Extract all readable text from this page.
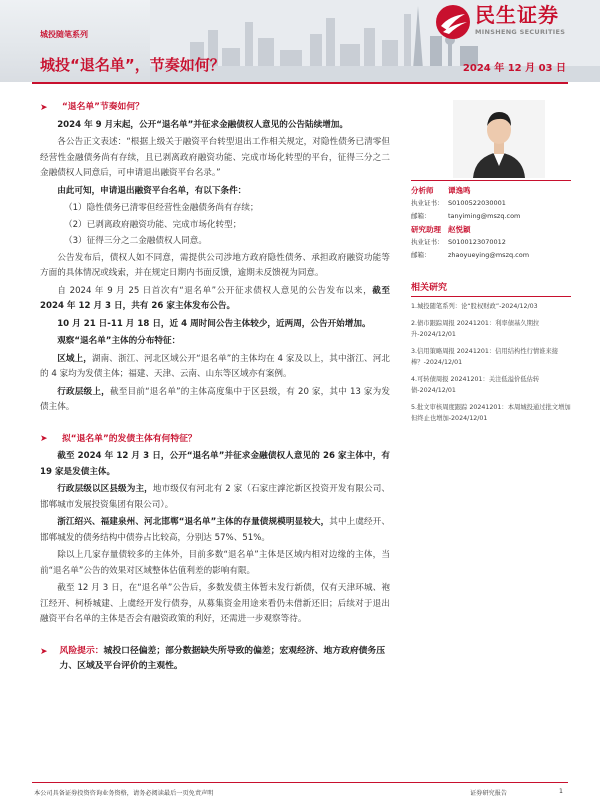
民生证券
MINSHENG SECURITIES
城投随笔系列
城投“退名单”，节奏如何？	2024 年 12 月 03 日
➤ “退名单”节奏如何？

2024 年 9 月末起，公开“退名单”并征求金融债权人意见的公告陆续增加。

各公告正文表述：“根据上级关于融资平台转型退出工作相关规定，对隐性债务已清零但经营性金融债务尚有存续，且已剥离政府融资功能、完成市场化转型的平台，征得三分之二金融债权人同意后，可申请退出融资平台名录。”

由此可知，申请退出融资平台名单，有以下条件：

（1）隐性债务已清零但经营性金融债务尚有存续；

（2）已剥离政府融资功能、完成市场化转型；

（3）征得三分之二金融债权人同意。

公告发布后，债权人如不同意，需提供公司涉地方政府隐性债务、承担政府融资功能等方面的具体情况或线索，并在规定日期内书面反馈，逾期未反馈视为同意。

自 2024 年 9 月 25 日首次有“退名单”公开征求债权人意见的公告发布以来，截至 2024 年 12 月 3 日，共有 26 家主体发布公告。

10 月 21 日-11 月 18 日，近 4 周时间公告主体较少，近两周，公告开始增加。

观察“退名单”主体的分布特征：

区域上，湖南、浙江、河北区域公开“退名单”的主体均在 4 家及以上，其中浙江、河北的 4 家均为发债主体；福建、天津、云南、山东等区域亦有案例。

行政层级上，截至目前“退名单”的主体高度集中于区县级，有 20 家，其中 13 家为发债主体。

➤ 拟“退名单”的发债主体有何特征？

截至 2024 年 12 月 3 日，公开“退名单”并征求金融债权人意见的 26 家主体中，有 19 家是发债主体。

行政层级以区县级为主，地市级仅有河北有 2 家（石家庄滹沱新区投资开发有限公司、邯郸城市发展投资集团有限公司）。

浙江绍兴、福建泉州、河北邯郸“退名单”主体的存量债规模明显较大，其中上虞经开、邯郸城发的债务结构中债券占比较高，分别达 57%、51%。

除以上几家存量债较多的主体外，目前多数“退名单”主体是区域内相对边缘的主体，当前“退名单”公告的效果对区域整体估值利差的影响有限。

截至 12 月 3 日，在“退名单”公告后，多数发债主体暂未发行新债，仅有天津环城、袍江经开、柯桥城建、上虞经开发行债券，从募集资金用途来看仍未借新还旧；后续对于退出融资平台名单的主体是否会有融资政策的利好，还需进一步观察等待。

➤ 风险提示：城投口径偏差；部分数据缺失所导致的偏差；宏观经济、地方政府债务压力、区域及平台评价的主观性。
分析师	谭逸鸣
执业证书： S0100522030001
邮箱：	tanyiming@mszq.com
研究助理 赵悦颖
执业证书： S0100123070012
邮箱：	zhaoyueying@mszq.com
相关研究
1.城投随笔系列：论“股权财政”-2024/12/03
2.债市跟踪周报 20241201：利率债基久期拉升-2024/12/01
3.信用策略周报 20241201：信用结构性行情谁来接棒？-2024/12/01
4.可转债周报 20241201：关注低溢价低估转债-2024/12/01
5.批文审核周度跟踪 20241201：本周城投通过批文增加但终止也增加-2024/12/01
本公司具备证券投资咨询业务资格，请务必阅读最后一页免责声明	证券研究报告	1
